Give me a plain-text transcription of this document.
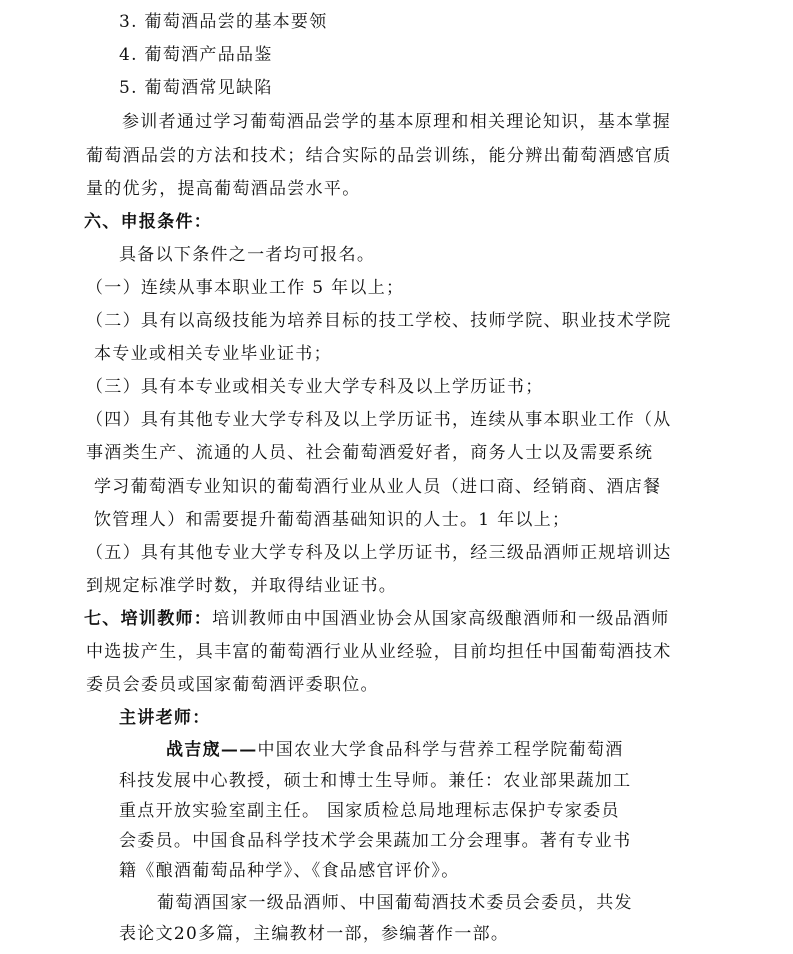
3. 葡萄酒品尝的基本要领
4. 葡萄酒产品品鉴
5. 葡萄酒常见缺陷
参训者通过学习葡萄酒品尝学的基本原理和相关理论知识，基本掌握
葡萄酒品尝的方法和技术；结合实际的品尝训练，能分辨出葡萄酒感官质
量的优劣，提高葡萄酒品尝水平。
六、申报条件：
具备以下条件之一者均可报名。
（一）连续从事本职业工作 5 年以上；
（二）具有以高级技能为培养目标的技工学校、技师学院、职业技术学院
本专业或相关专业毕业证书；
（三）具有本专业或相关专业大学专科及以上学历证书；
（四）具有其他专业大学专科及以上学历证书，连续从事本职业工作（从
事酒类生产、流通的人员、社会葡萄酒爱好者，商务人士以及需要系统
学习葡萄酒专业知识的葡萄酒行业从业人员（进口商、经销商、酒店餐
饮管理人）和需要提升葡萄酒基础知识的人士。1 年以上；
（五）具有其他专业大学专科及以上学历证书，经三级品酒师正规培训达
到规定标准学时数，并取得结业证书。
七、培训教师：培训教师由中国酒业协会从国家高级酿酒师和一级品酒师
中选拔产生，具丰富的葡萄酒行业从业经验，目前均担任中国葡萄酒技术
委员会委员或国家葡萄酒评委职位。
主讲老师：
战吉宬——中国农业大学食品科学与营养工程学院葡萄酒
科技发展中心教授，硕士和博士生导师。兼任：农业部果蔬加工
重点开放实验室副主任。 国家质检总局地理标志保护专家委员
会委员。中国食品科学技术学会果蔬加工分会理事。著有专业书
籍《酿酒葡萄品种学》、《食品感官评价》。
葡萄酒国家一级品酒师、中国葡萄酒技术委员会委员，共发
表论文20多篇，主编教材一部，参编著作一部。
